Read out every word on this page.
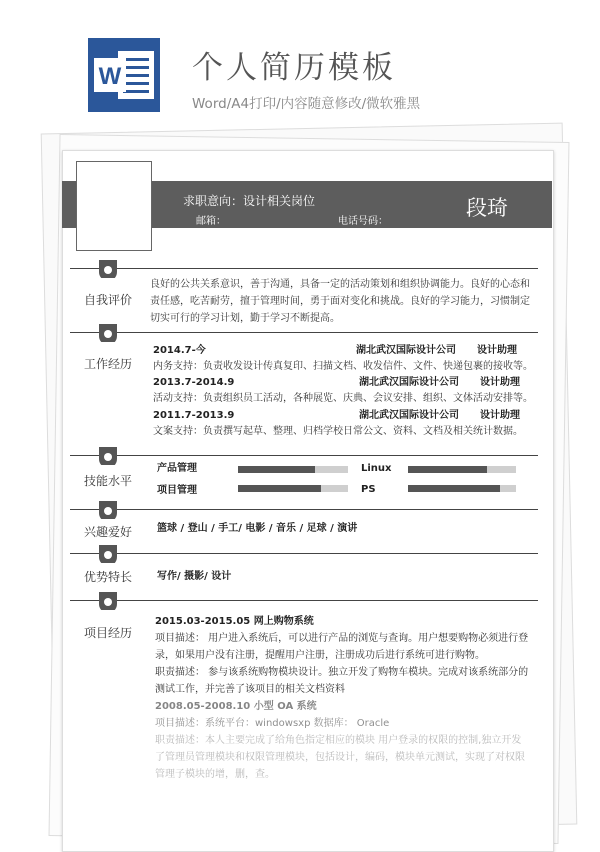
W 个人简历模板
Word/A4打印/内容随意修改/微软雅黑
求职意向：设计相关岗位
邮箱：	电话号码：
段琦
自我评价
良好的公共关系意识，善于沟通，具备一定的活动策划和组织协调能力。良好的心态和
责任感，吃苦耐劳，擅于管理时间，勇于面对变化和挑战。良好的学习能力，习惯制定
切实可行的学习计划，勤于学习不断提高。
工作经历
2014.7-今	湖北武汉国际设计公司 设计助理
内务支持：负责收发设计传真复印、扫描文档、收发信件、文件、快递包裹的接收等。
2013.7-2014.9	湖北武汉国际设计公司 设计助理
活动支持：负责组织员工活动，各种展览、庆典、会议安排、组织、文体活动安排等。
2011.7-2013.9	湖北武汉国际设计公司 设计助理
文案支持：负责撰写起草、整理、归档学校日常公文、资料、文档及相关统计数据。
技能水平
产品管理	Linux
项目管理	PS
兴趣爱好 篮球 / 登山 / 手工/ 电影 / 音乐 / 足球 / 演讲
优势特长 写作/ 摄影/ 设计
项目经历
2015.03-2015.05 网上购物系统
项目描述： 用户进入系统后，可以进行产品的浏览与查询。用户想要购物必须进行登
录，如果用户没有注册，提醒用户注册，注册成功后进行系统可进行购物。
职责描述： 参与该系统购物模块设计。独立开发了购物车模块。完成对该系统部分的
测试工作，并完善了该项目的相关文档资料
2008.05-2008.10 小型 OA 系统
项目描述：系统平台：windowsxp 数据库： Oracle
职责描述：本人主要完成了给角色指定相应的模块 用户登录的权限的控制,独立开发
了管理员管理模块和权限管理模块，包括设计，编码，模块单元测试，实现了对权限
管理子模块的增，删，查。
